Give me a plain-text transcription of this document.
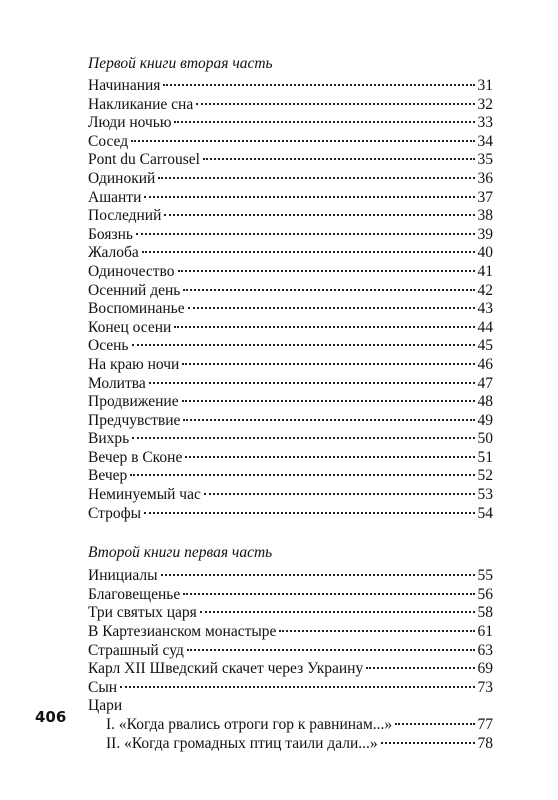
Первой книги вторая часть
Начинания	31
Накликание сна	32
Люди ночью	33
Сосед	34
Pont du Carrousel	35
Одинокий	36
Ашанти	37
Последний	38
Боязнь	39
Жалоба	40
Одиночество	41
Осенний день	42
Воспоминанье	43
Конец осени	44
Осень	45
На краю ночи	46
Молитва	47
Продвижение	48
Предчувствие	49
Вихрь	50
Вечер в Сконе	51
Вечер	52
Неминуемый час	53
Строфы	54
Второй книги первая часть
Инициалы	55
Благовещенье	56
Три святых царя	58
В Картезианском монастыре	61
Страшный суд	63
Карл XII Шведский скачет через Украину	69
Сын	73
Цари
I. «Когда рвались отроги гор к равнинам...»	77
II. «Когда громадных птиц таили дали...»	78
406
